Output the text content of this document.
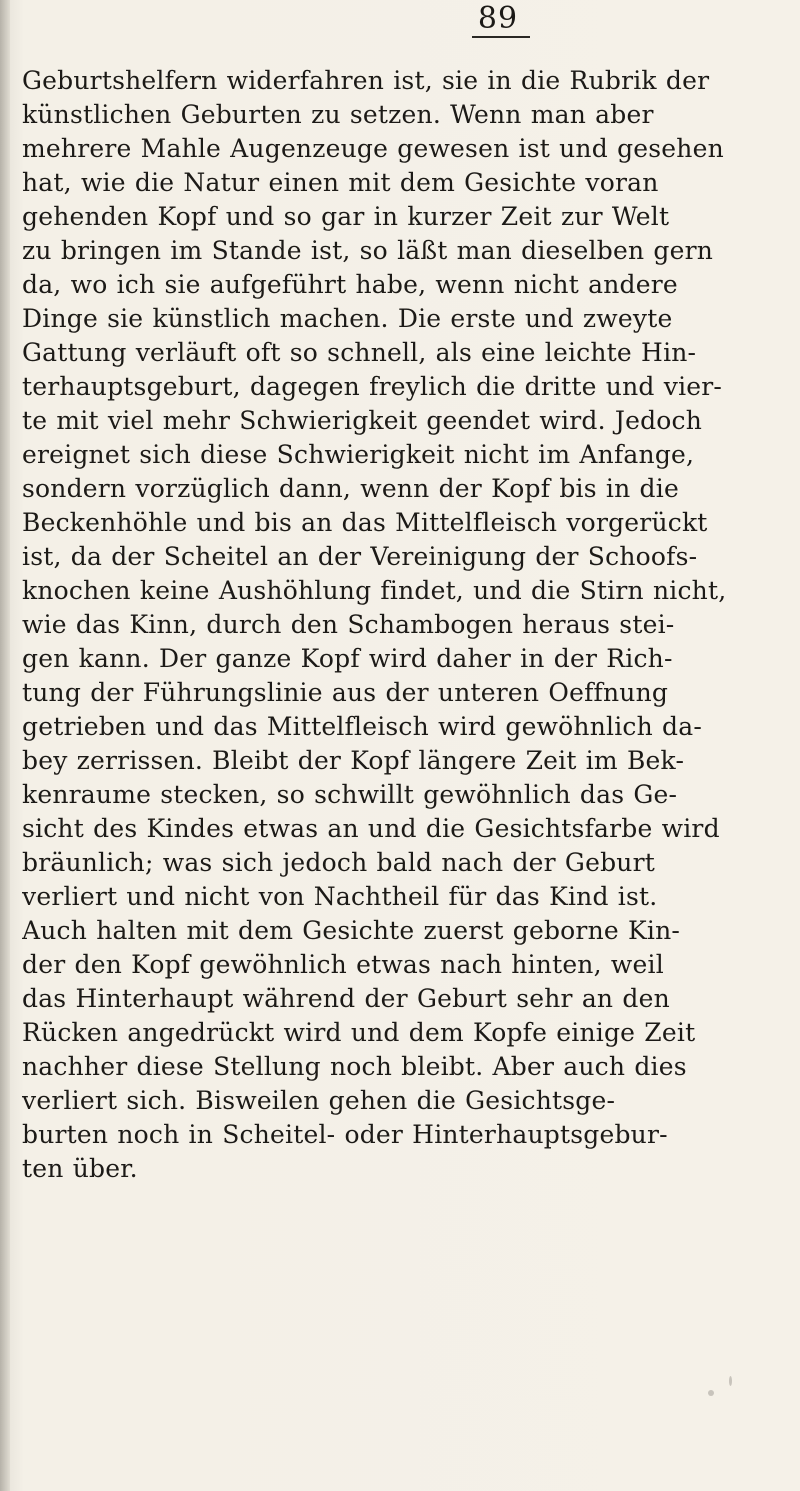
89
Geburtshelfern widerfahren ist, sie in die Rubrik der
künstlichen Geburten zu setzen. Wenn man aber
mehrere Mahle Augenzeuge gewesen ist und gesehen
hat, wie die Natur einen mit dem Gesichte voran
gehenden Kopf und so gar in kurzer Zeit zur Welt
zu bringen im Stande ist, so läßt man dieselben gern
da, wo ich sie aufgeführt habe, wenn nicht andere
Dinge sie künstlich machen. Die erste und zweyte
Gattung verläuft oft so schnell, als eine leichte Hin-
terhauptsgeburt, dagegen freylich die dritte und vier-
te mit viel mehr Schwierigkeit geendet wird. Jedoch
ereignet sich diese Schwierigkeit nicht im Anfange,
sondern vorzüglich dann, wenn der Kopf bis in die
Beckenhöhle und bis an das Mittelfleisch vorgerückt
ist, da der Scheitel an der Vereinigung der Schoofs-
knochen keine Aushöhlung findet, und die Stirn nicht,
wie das Kinn, durch den Schambogen heraus stei-
gen kann. Der ganze Kopf wird daher in der Rich-
tung der Führungslinie aus der unteren Oeffnung
getrieben und das Mittelfleisch wird gewöhnlich da-
bey zerrissen. Bleibt der Kopf längere Zeit im Bek-
kenraume stecken, so schwillt gewöhnlich das Ge-
sicht des Kindes etwas an und die Gesichtsfarbe wird
bräunlich; was sich jedoch bald nach der Geburt
verliert und nicht von Nachtheil für das Kind ist.
Auch halten mit dem Gesichte zuerst geborne Kin-
der den Kopf gewöhnlich etwas nach hinten, weil
das Hinterhaupt während der Geburt sehr an den
Rücken angedrückt wird und dem Kopfe einige Zeit
nachher diese Stellung noch bleibt. Aber auch dies
verliert sich. Bisweilen gehen die Gesichtsge-
burten noch in Scheitel- oder Hinterhauptsgebur-
ten über.
